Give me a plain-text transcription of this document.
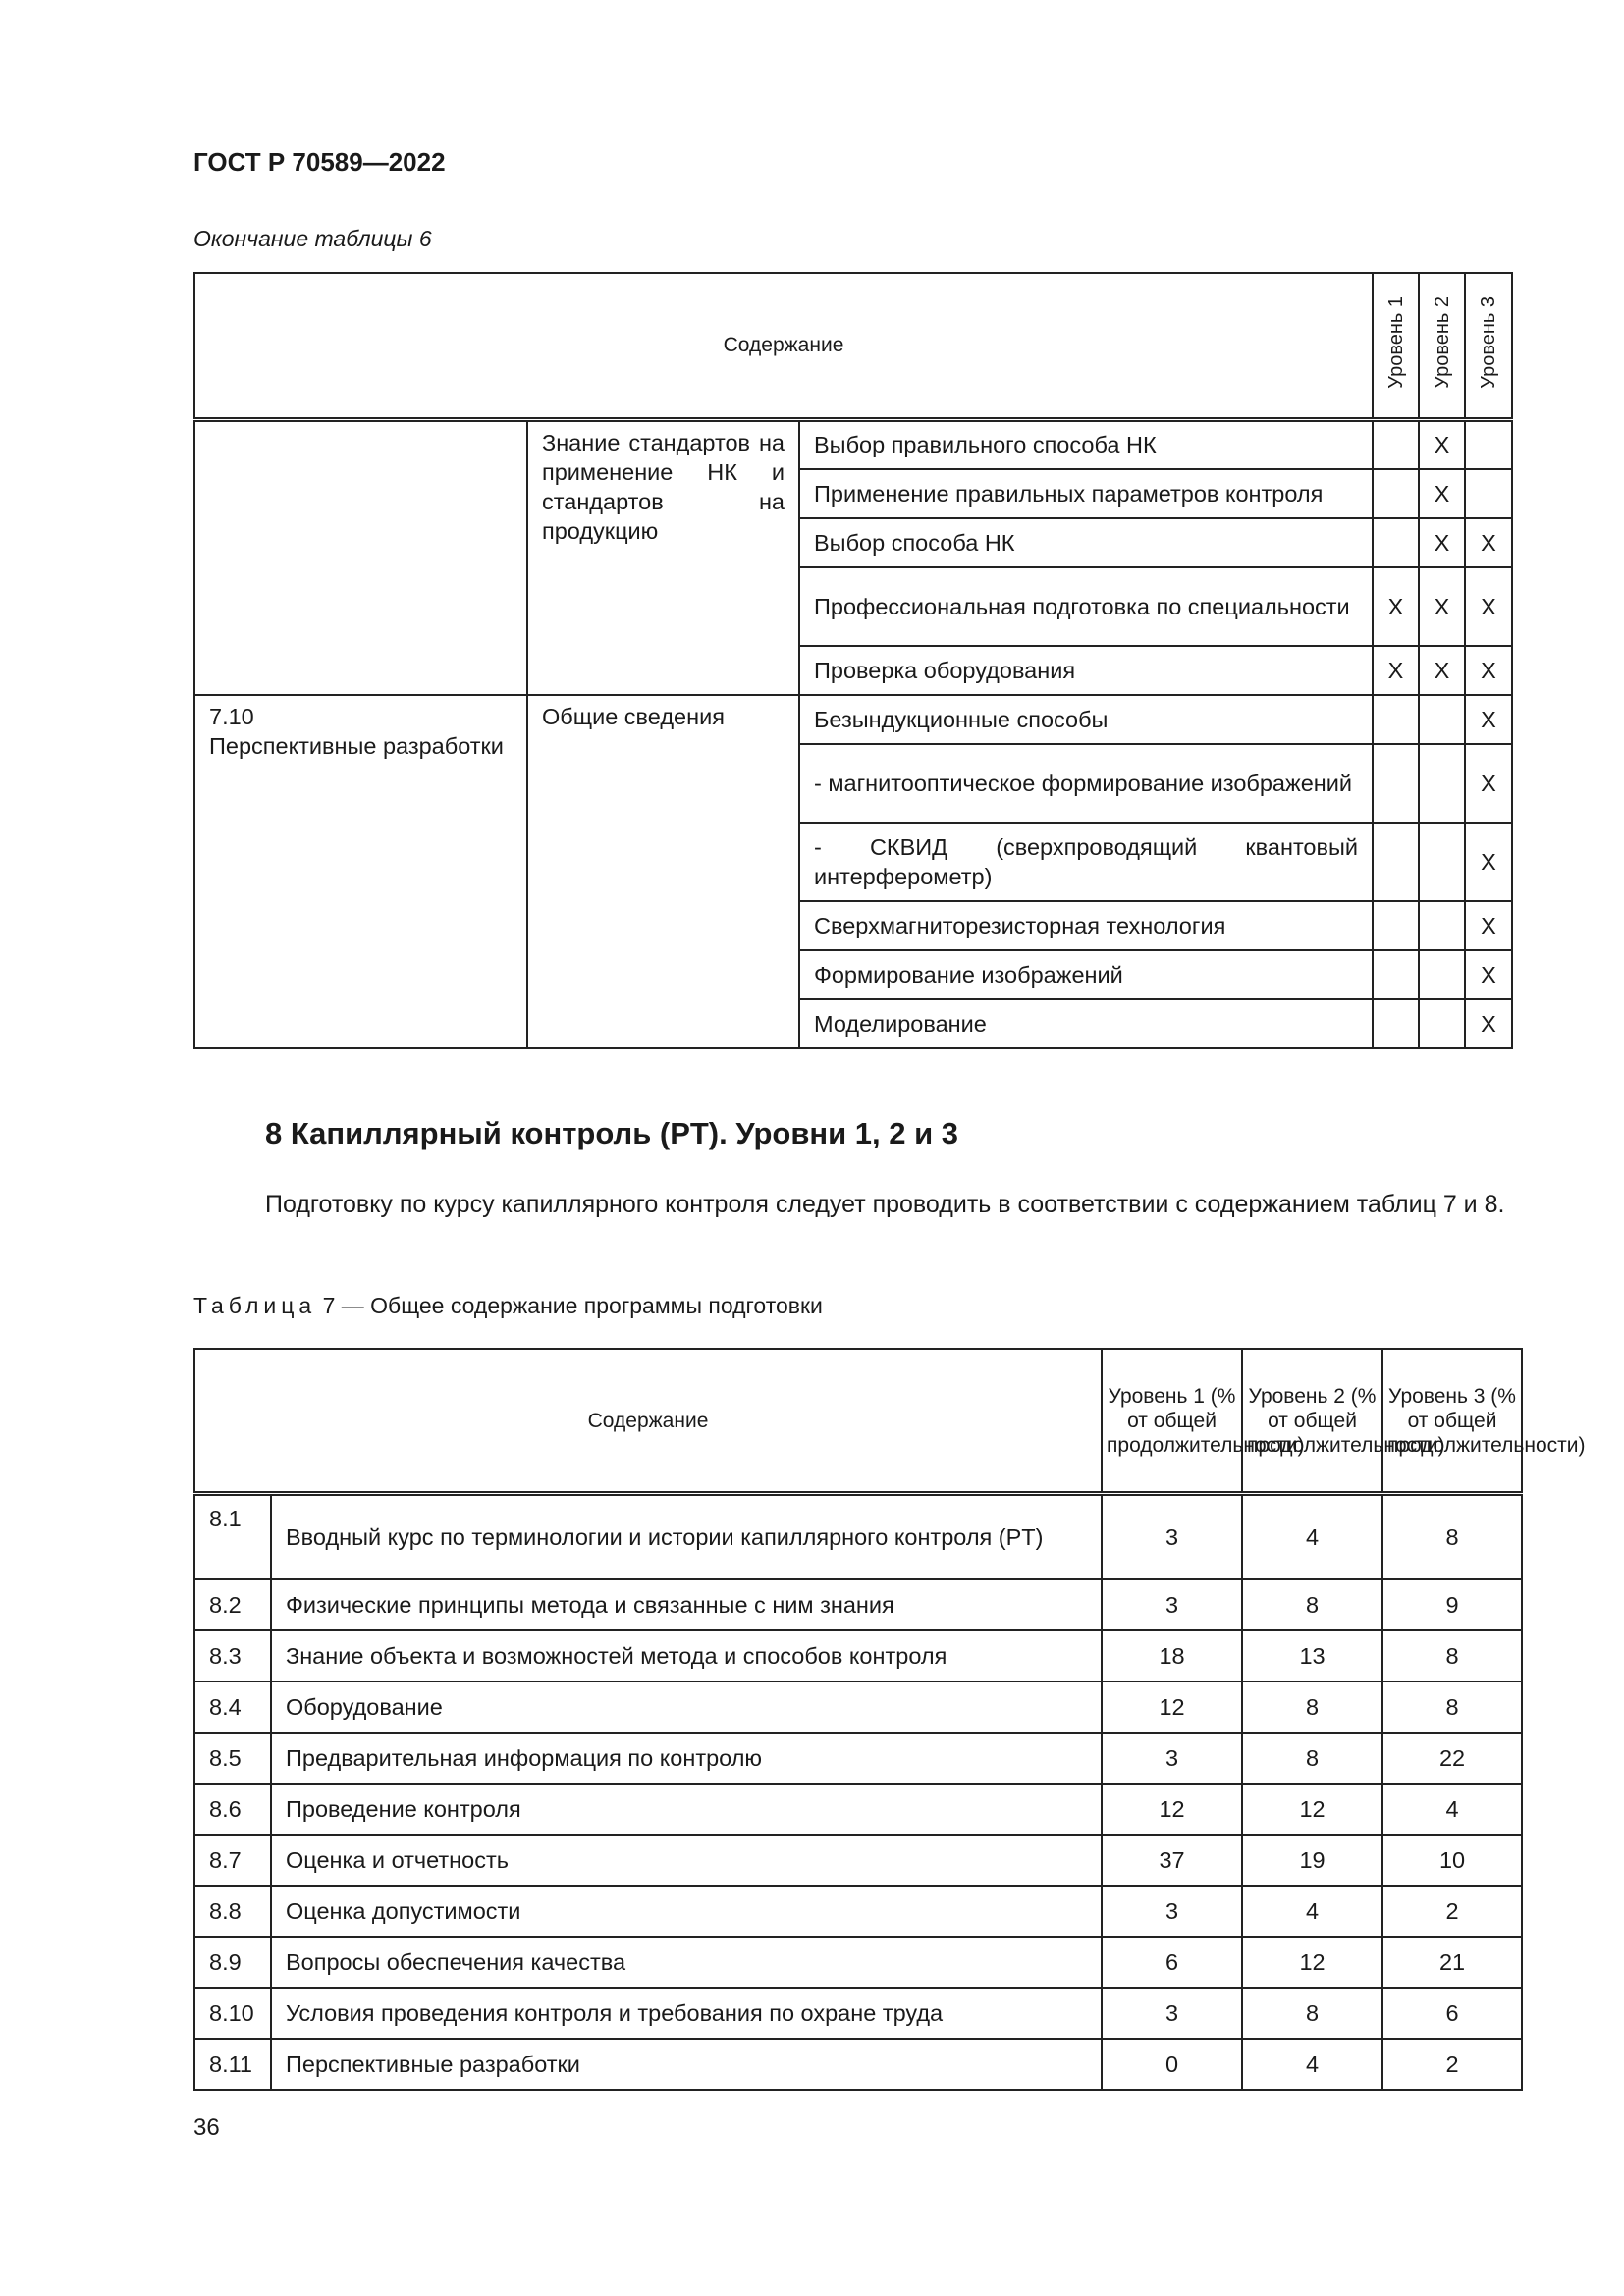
ГОСТ Р 70589—2022
Окончание таблицы 6
Содержание			Уровень 1	Уровень 2	Уровень 3
	Знание стандартов на применение НК и стандартов на продукцию	Выбор правильного способа НК		X	
		Применение правильных параметров контроля		X	
		Выбор способа НК		X	X
		Профессиональная подготовка по специальности	X	X	X
		Проверка оборудования	X	X	X
7.10
Перспективные разработки	Общие сведения	Безындукционные способы			X
		- магнитооптическое формирование изображений			X
		- СКВИД (сверхпроводящий квантовый интерферометр)			X
		Сверхмагниторезисторная технология			X
		Формирование изображений			X
		Моделирование			X
8 Капиллярный контроль (PT). Уровни 1, 2 и 3
Подготовку по курсу капиллярного контроля следует проводить в соответствии с содержанием таблиц 7 и 8.
Таблица 7 — Общее содержание программы подготовки
Содержание		Уровень 1 (% от общей продолжительности)	Уровень 2 (% от общей продолжительности)	Уровень 3 (% от общей продолжительности)
8.1	Вводный курс по терминологии и истории капиллярного контроля (PT)	3	4	8
8.2	Физические принципы метода и связанные с ним знания	3	8	9
8.3	Знание объекта и возможностей метода и способов контроля	18	13	8
8.4	Оборудование	12	8	8
8.5	Предварительная информация по контролю	3	8	22
8.6	Проведение контроля	12	12	4
8.7	Оценка и отчетность	37	19	10
8.8	Оценка допустимости	3	4	2
8.9	Вопросы обеспечения качества	6	12	21
8.10	Условия проведения контроля и требования по охране труда	3	8	6
8.11	Перспективные разработки	0	4	2
36
